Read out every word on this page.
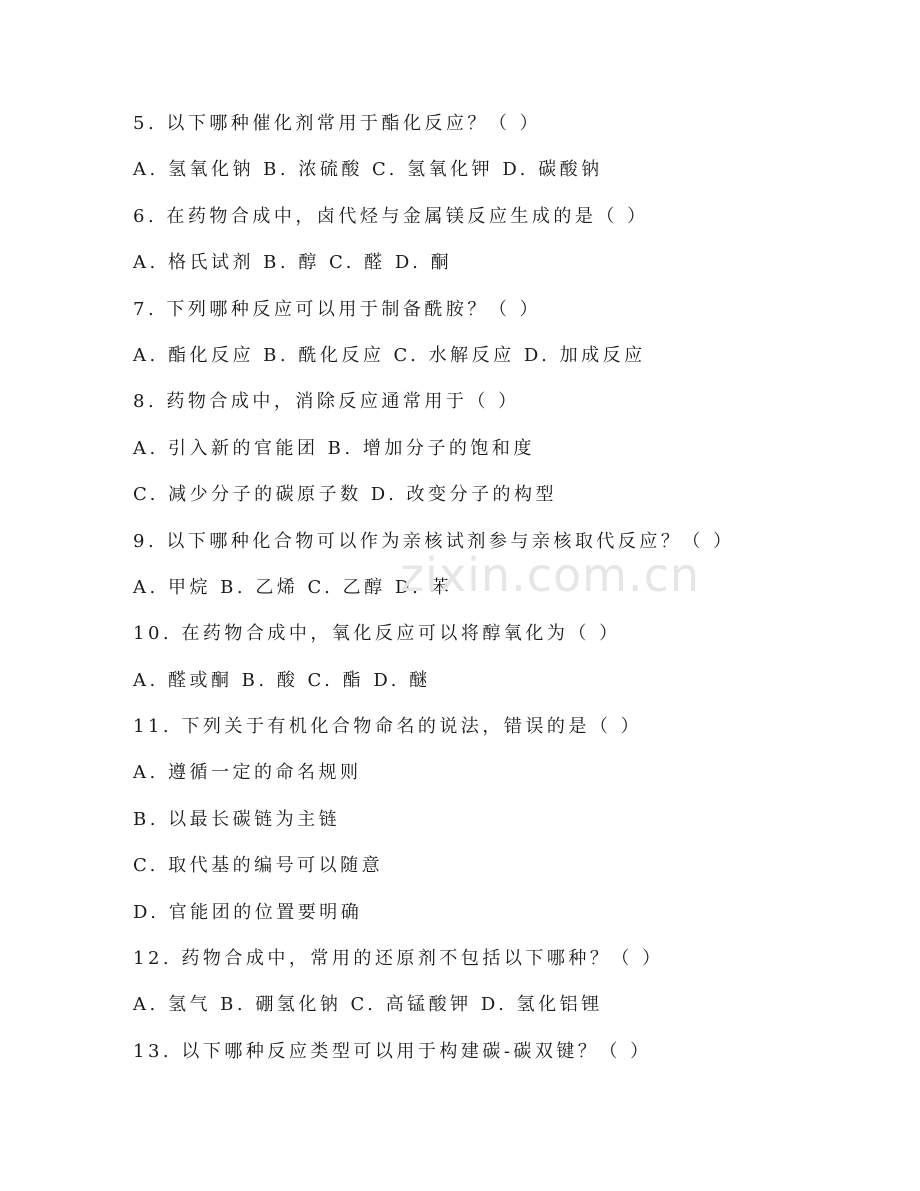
5. 以下哪种催化剂常用于酯化反应？（ ）
A. 氢氧化钠 B. 浓硫酸 C. 氢氧化钾 D. 碳酸钠
6. 在药物合成中，卤代烃与金属镁反应生成的是（ ）
A. 格氏试剂 B. 醇 C. 醛 D. 酮
7. 下列哪种反应可以用于制备酰胺？（ ）
A. 酯化反应 B. 酰化反应 C. 水解反应 D. 加成反应
8. 药物合成中，消除反应通常用于（ ）
A. 引入新的官能团 B. 增加分子的饱和度
C. 减少分子的碳原子数 D. 改变分子的构型
9. 以下哪种化合物可以作为亲核试剂参与亲核取代反应？（ ）
A. 甲烷 B. 乙烯 C. 乙醇 D. 苯
10. 在药物合成中，氧化反应可以将醇氧化为（ ）
A. 醛或酮 B. 酸 C. 酯 D. 醚
11. 下列关于有机化合物命名的说法，错误的是（ ）
A. 遵循一定的命名规则
B. 以最长碳链为主链
C. 取代基的编号可以随意
D. 官能团的位置要明确
12. 药物合成中，常用的还原剂不包括以下哪种？（ ）
A. 氢气 B. 硼氢化钠 C. 高锰酸钾 D. 氢化铝锂
13. 以下哪种反应类型可以用于构建碳-碳双键？（ ）
zixin.com.cn
